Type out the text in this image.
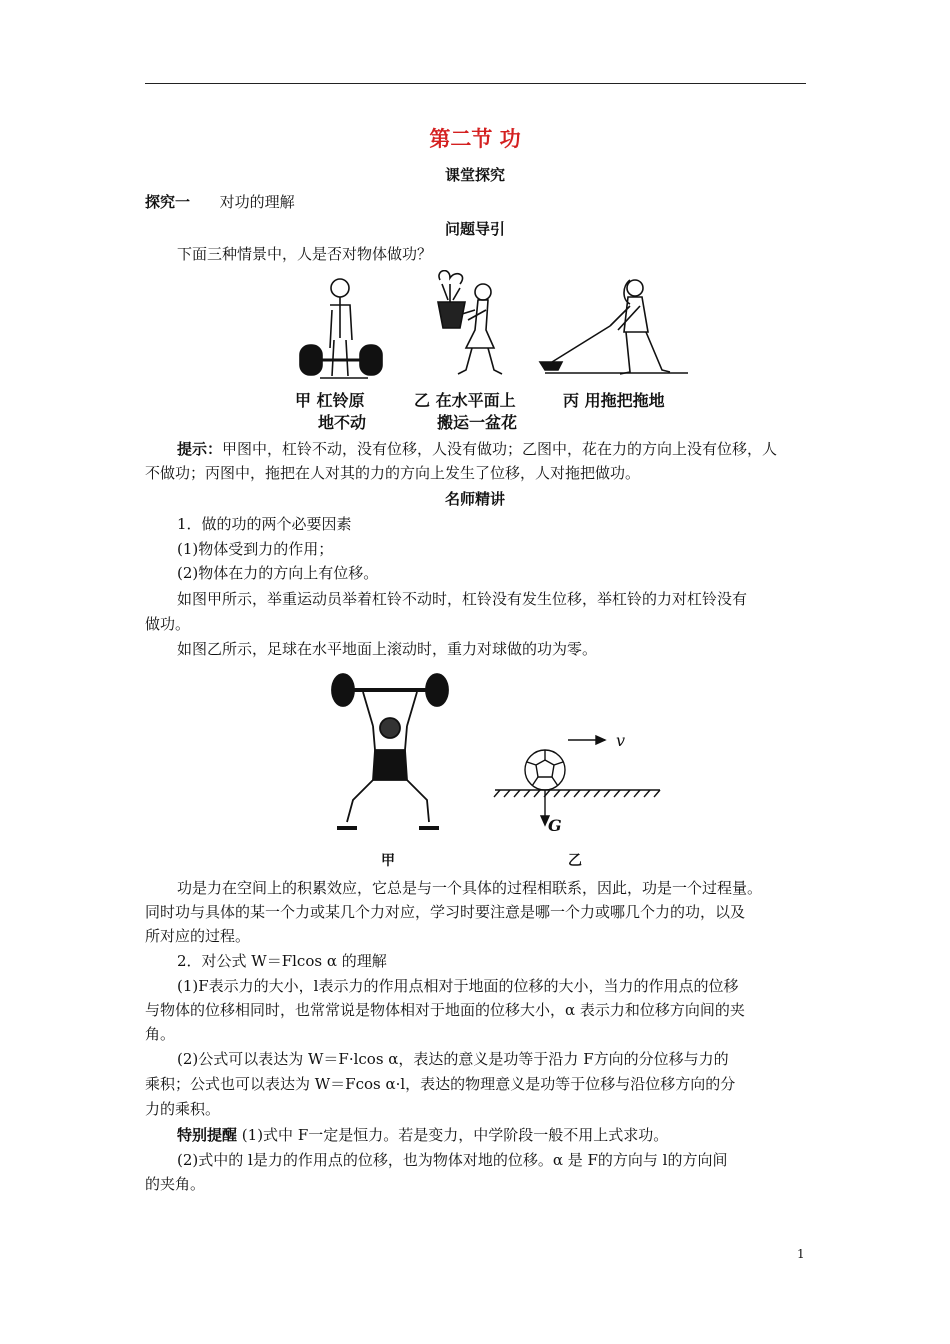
第二节 功
课堂探究
探究一 对功的理解
问题导引
下面三种情景中，人是否对物体做功？
甲 杠铃原
地不动
乙 在水平面上
搬运一盆花
丙 用拖把拖地
提示：甲图中，杠铃不动，没有位移，人没有做功；乙图中，花在力的方向上没有位移，人
不做功；丙图中，拖把在人对其的力的方向上发生了位移，人对拖把做功。
名师精讲
1．做的功的两个必要因素
(1)物体受到力的作用；
(2)物体在力的方向上有位移。
如图甲所示，举重运动员举着杠铃不动时，杠铃没有发生位移，举杠铃的力对杠铃没有
做功。
如图乙所示，足球在水平地面上滚动时，重力对球做的功为零。
v
G
甲	乙
功是力在空间上的积累效应，它总是与一个具体的过程相联系，因此，功是一个过程量。
同时功与具体的某一个力或某几个力对应，学习时要注意是哪一个力或哪几个力的功，以及
所对应的过程。
2．对公式 W＝Flcos α 的理解
(1)F表示力的大小，l表示力的作用点相对于地面的位移的大小，当力的作用点的位移
与物体的位移相同时，也常常说是物体相对于地面的位移大小，α 表示力和位移方向间的夹
角。
(2)公式可以表达为 W＝F·lcos α，表达的意义是功等于沿力 F方向的分位移与力的
乘积；公式也可以表达为 W＝Fcos α·l，表达的物理意义是功等于位移与沿位移方向的分
力的乘积。
特别提醒 (1)式中 F一定是恒力。若是变力，中学阶段一般不用上式求功。
(2)式中的 l是力的作用点的位移，也为物体对地的位移。α 是 F的方向与 l的方向间
的夹角。
1
